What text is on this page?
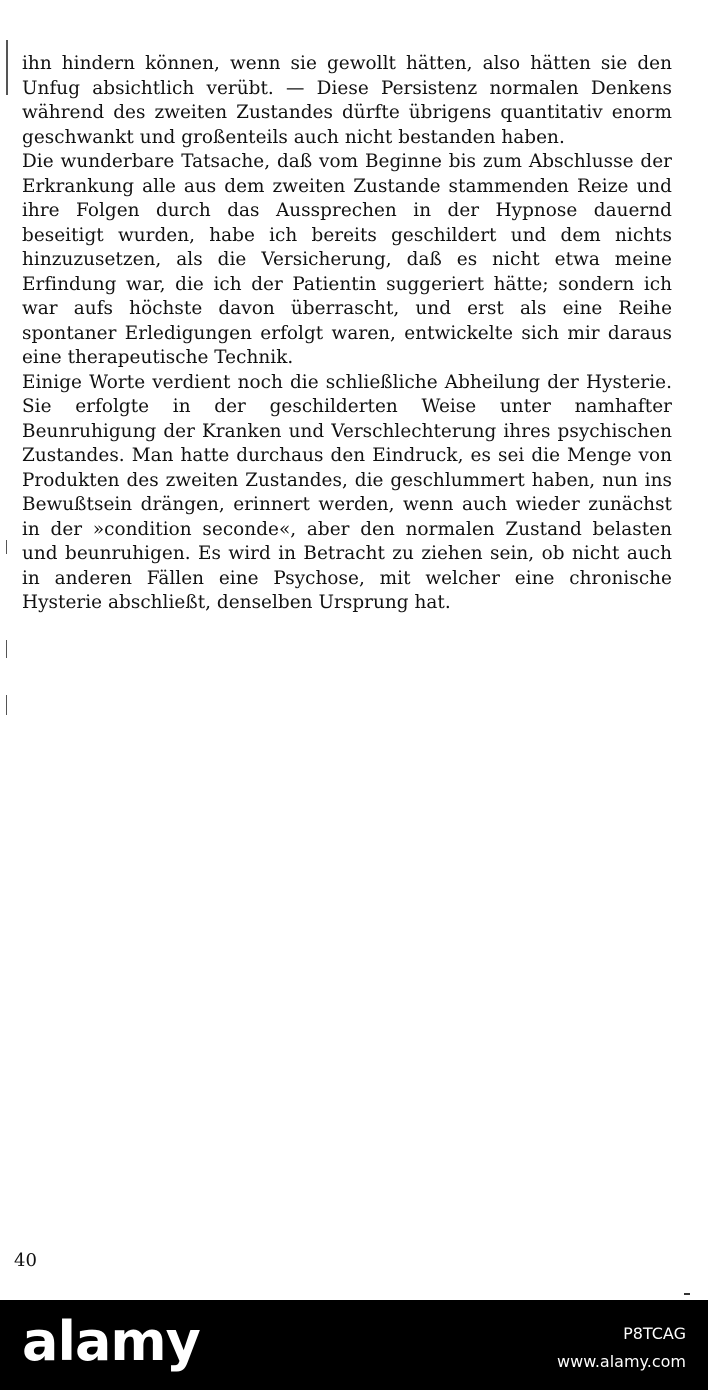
ihn hindern können, wenn sie gewollt hätten, also hätten sie den Unfug absichtlich verübt. — Diese Persistenz normalen Denkens während des zweiten Zustandes dürfte übrigens quantitativ enorm geschwankt und großenteils auch nicht bestanden haben.

Die wunderbare Tatsache, daß vom Beginne bis zum Abschlusse der Erkrankung alle aus dem zweiten Zustande stammenden Reize und ihre Folgen durch das Aussprechen in der Hypnose dauernd beseitigt wurden, habe ich bereits geschildert und dem nichts hinzuzusetzen, als die Versicherung, daß es nicht etwa meine Erfindung war, die ich der Patientin suggeriert hätte; sondern ich war aufs höchste davon überrascht, und erst als eine Reihe spontaner Erledigungen erfolgt waren, entwickelte sich mir daraus eine therapeutische Technik.

Einige Worte verdient noch die schließliche Abheilung der Hysterie. Sie erfolgte in der geschilderten Weise unter namhafter Beunruhigung der Kranken und Verschlechterung ihres psychischen Zustandes. Man hatte durchaus den Eindruck, es sei die Menge von Produkten des zweiten Zustandes, die geschlummert haben, nun ins Bewußtsein drängen, erinnert werden, wenn auch wieder zunächst in der »condition seconde«, aber den normalen Zustand belasten und beunruhigen. Es wird in Betracht zu ziehen sein, ob nicht auch in anderen Fällen eine Psychose, mit welcher eine chronische Hysterie abschließt, denselben Ursprung hat.

40
alamy	P8TCAG
www.alamy.com
